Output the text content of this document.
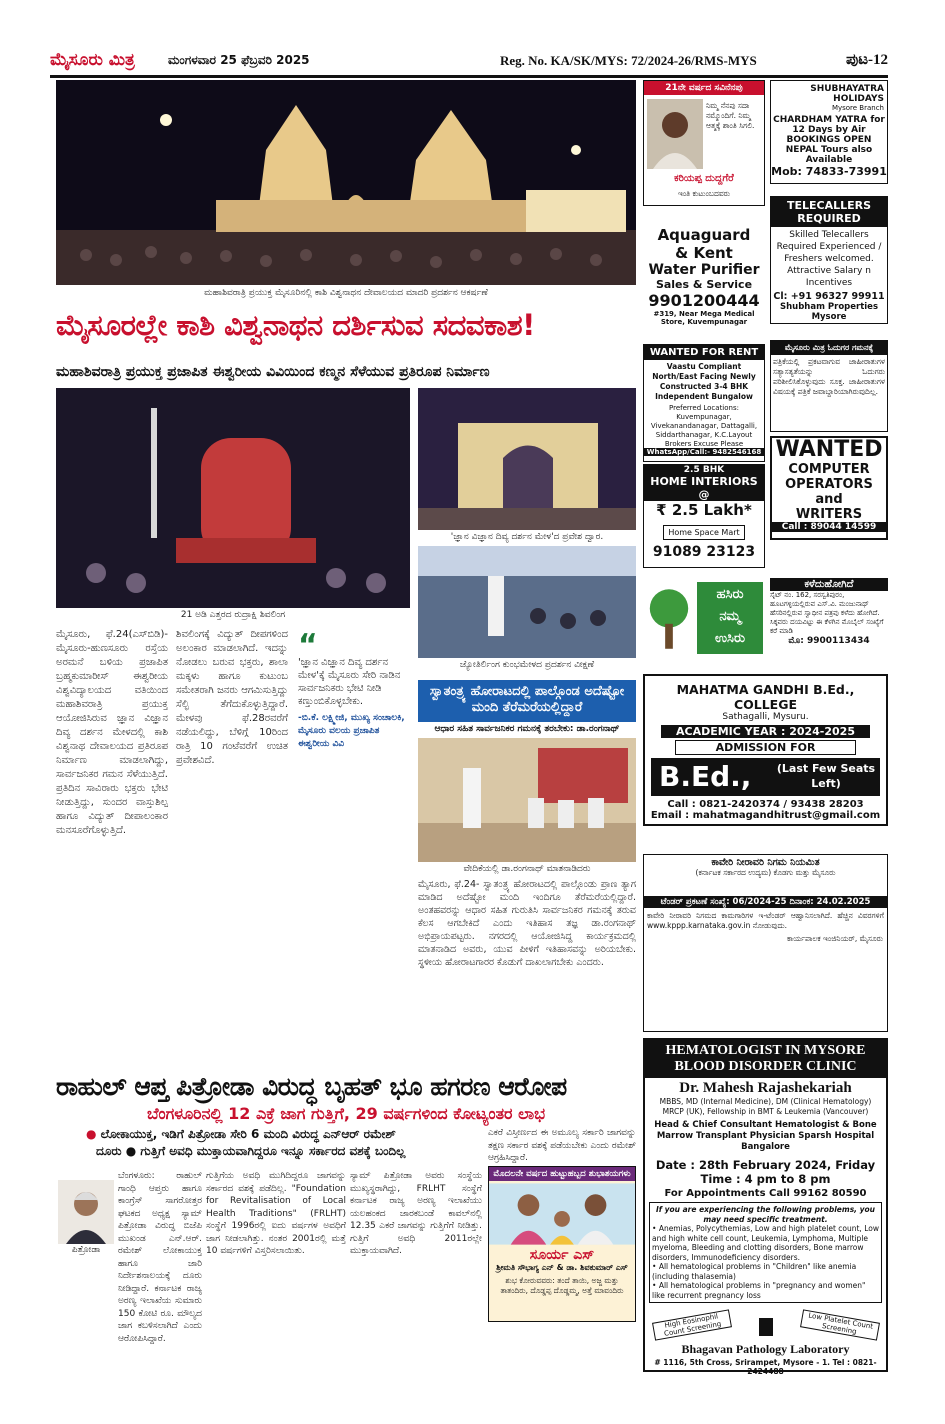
ಮೈಸೂರು ಮಿತ್ರ	ಮಂಗಳವಾರ 25 ಫೆಬ್ರವರಿ 2025	Reg. No. KA/SK/MYS: 72/2024-26/RMS-MYS	ಪುಟ-12
ಮಹಾಶಿವರಾತ್ರಿ ಪ್ರಯುಕ್ತ ಮೈಸೂರಿನಲ್ಲಿ ಕಾಶಿ ವಿಶ್ವನಾಥನ ದೇವಾಲಯದ ಮಾದರಿ ಪ್ರದರ್ಶನ ಆಕರ್ಷಣೆ
ಮೈಸೂರಲ್ಲೇ ಕಾಶಿ ವಿಶ್ವನಾಥನ ದರ್ಶಿಸುವ ಸದವಕಾಶ!
ಮಹಾಶಿವರಾತ್ರಿ ಪ್ರಯುಕ್ತ ಪ್ರಜಾಪಿತ ಈಶ್ವರೀಯ ವಿವಿಯಿಂದ ಕಣ್ಮನ ಸೆಳೆಯುವ ಪ್ರತಿರೂಪ ನಿರ್ಮಾಣ
21 ಅಡಿ ಎತ್ತರದ ರುದ್ರಾಕ್ಷಿ ಶಿವಲಿಂಗ
'ಜ್ಞಾನ ವಿಜ್ಞಾನ ದಿವ್ಯ ದರ್ಶನ ಮೇಳ'ದ ಪ್ರವೇಶ ದ್ವಾರ.
ಜ್ಯೋತಿರ್ಲಿಂಗ ಕುಂಭಮೇಳದ ಪ್ರದರ್ಶನ ವೀಕ್ಷಣೆ
ಮೈಸೂರು, ಫೆ.24(ಎಸ್‌ಬಿಡಿ)- ಮೈಸೂರು-ಹುಣಸೂರು ರಸ್ತೆಯ ಅರಮನೆ ಬಳಿಯ ಪ್ರಜಾಪಿತ ಬ್ರಹ್ಮಕುಮಾರೀಸ್ ಈಶ್ವರೀಯ ವಿಶ್ವವಿದ್ಯಾಲಯದ ವತಿಯಿಂದ ಮಹಾಶಿವರಾತ್ರಿ ಪ್ರಯುಕ್ತ ಆಯೋಜಿಸಿರುವ ಜ್ಞಾನ ವಿಜ್ಞಾನ ದಿವ್ಯ ದರ್ಶನ ಮೇಳದಲ್ಲಿ ಕಾಶಿ ವಿಶ್ವನಾಥ ದೇವಾಲಯದ ಪ್ರತಿರೂಪ ನಿರ್ಮಾಣ ಮಾಡಲಾಗಿದ್ದು, ಸಾರ್ವಜನಿಕರ ಗಮನ ಸೆಳೆಯುತ್ತಿದೆ. ಪ್ರತಿದಿನ ಸಾವಿರಾರು ಭಕ್ತರು ಭೇಟಿ ನೀಡುತ್ತಿದ್ದು, ಸುಂದರ ವಾಸ್ತುಶಿಲ್ಪ ಹಾಗೂ ವಿದ್ಯುತ್ ದೀಪಾಲಂಕಾರ ಮನಸೂರೆಗೊಳ್ಳುತ್ತಿದೆ.
ಶಿವಲಿಂಗಕ್ಕೆ ವಿದ್ಯುತ್ ದೀಪಗಳಿಂದ ಅಲಂಕಾರ ಮಾಡಲಾಗಿದೆ. ಇದನ್ನು ನೋಡಲು ಬರುವ ಭಕ್ತರು, ಶಾಲಾ ಮಕ್ಕಳು ಹಾಗೂ ಕುಟುಂಬ ಸಮೇತರಾಗಿ ಜನರು ಆಗಮಿಸುತ್ತಿದ್ದು ಸೆಲ್ಫಿ ತೆಗೆದುಕೊಳ್ಳುತ್ತಿದ್ದಾರೆ. ಮೇಳವು ಫೆ.28ರವರೆಗೆ ನಡೆಯಲಿದ್ದು, ಬೆಳಿಗ್ಗೆ 10ರಿಂದ ರಾತ್ರಿ 10 ಗಂಟೆವರೆಗೆ ಉಚಿತ ಪ್ರವೇಶವಿದೆ.
“
'ಜ್ಞಾನ ವಿಜ್ಞಾನ ದಿವ್ಯ ದರ್ಶನ ಮೇಳ'ಕ್ಕೆ ಮೈಸೂರು ಸೇರಿ ನಾಡಿನ ಸಾರ್ವಜನಿಕರು ಭೇಟಿ ನೀಡಿ ಕಣ್ತುಂಬಿಕೊಳ್ಳಬೇಕು.
-ಬಿ.ಕೆ. ಲಕ್ಷ್ಮೀಜಿ, ಮುಖ್ಯ ಸಂಚಾಲಕಿ, ಮೈಸೂರು ವಲಯ ಪ್ರಜಾಪಿತ ಈಶ್ವರೀಯ ವಿವಿ
ಸ್ವಾತಂತ್ರ್ಯ ಹೋರಾಟದಲ್ಲಿ ಪಾಲ್ಗೊಂಡ ಅದೆಷ್ಟೋ ಮಂದಿ ತೆರೆಮರೆಯಲ್ಲಿದ್ದಾರೆ
ಆಧಾರ ಸಹಿತ ಸಾರ್ವಜನಿಕರ ಗಮನಕ್ಕೆ ತರಬೇಕು: ಡಾ.ರಂಗನಾಥ್
ವೇದಿಕೆಯಲ್ಲಿ ಡಾ.ರಂಗನಾಥ್ ಮಾತನಾಡಿದರು
ಮೈಸೂರು, ಫೆ.24- ಸ್ವಾತಂತ್ರ್ಯ ಹೋರಾಟದಲ್ಲಿ ಪಾಲ್ಗೊಂಡು ಪ್ರಾಣ ತ್ಯಾಗ ಮಾಡಿದ ಅದೆಷ್ಟೋ ಮಂದಿ ಇಂದಿಗೂ ತೆರೆಮರೆಯಲ್ಲಿದ್ದಾರೆ. ಅಂತಹವರನ್ನು ಆಧಾರ ಸಹಿತ ಗುರುತಿಸಿ ಸಾರ್ವಜನಿಕರ ಗಮನಕ್ಕೆ ತರುವ ಕೆಲಸ ಆಗಬೇಕಿದೆ ಎಂದು ಇತಿಹಾಸ ತಜ್ಞ ಡಾ.ರಂಗನಾಥ್ ಅಭಿಪ್ರಾಯಪಟ್ಟರು. ನಗರದಲ್ಲಿ ಆಯೋಜಿಸಿದ್ದ ಕಾರ್ಯಕ್ರಮದಲ್ಲಿ ಮಾತನಾಡಿದ ಅವರು, ಯುವ ಪೀಳಿಗೆ ಇತಿಹಾಸವನ್ನು ಅರಿಯಬೇಕು. ಸ್ಥಳೀಯ ಹೋರಾಟಗಾರರ ಕೊಡುಗೆ ದಾಖಲಾಗಬೇಕು ಎಂದರು.
ರಾಹುಲ್ ಆಪ್ತ ಪಿತ್ರೋಡಾ ವಿರುದ್ಧ ಬೃಹತ್ ಭೂ ಹಗರಣ ಆರೋಪ
ಬೆಂಗಳೂರಿನಲ್ಲಿ 12 ಎಕ್ರೆ ಜಾಗ ಗುತ್ತಿಗೆ, 29 ವರ್ಷಗಳಿಂದ ಕೋಟ್ಯಂತರ ಲಾಭ
● ಲೋಕಾಯುಕ್ತ, ಇಡಿಗೆ ಪಿತ್ರೋಡಾ ಸೇರಿ 6 ಮಂದಿ ವಿರುದ್ಧ ಎನ್‌ಆರ್ ರಮೇಶ್
ದೂರು ● ಗುತ್ತಿಗೆ ಅವಧಿ ಮುಕ್ತಾಯವಾಗಿದ್ದರೂ ಇನ್ನೂ ಸರ್ಕಾರದ ವಶಕ್ಕೆ ಬಂದಿಲ್ಲ
ಪಿತ್ರೋಡಾ
ಬೆಂಗಳೂರು: ರಾಹುಲ್ ಗಾಂಧಿ ಆಪ್ತರು ಹಾಗೂ ಕಾಂಗ್ರೆಸ್ ಸಾಗರೋತ್ತರ ಘಟಕದ ಅಧ್ಯಕ್ಷ ಸ್ಯಾಮ್ ಪಿತ್ರೋಡಾ ವಿರುದ್ಧ ಬಿಜೆಪಿ ಮುಖಂಡ ಎನ್.ಆರ್. ರಮೇಶ್ ಲೋಕಾಯುಕ್ತ ಹಾಗೂ ಜಾರಿ ನಿರ್ದೇಶನಾಲಯಕ್ಕೆ ದೂರು ನೀಡಿದ್ದಾರೆ. ಕರ್ನಾಟಕ ರಾಜ್ಯ ಅರಣ್ಯ ಇಲಾಖೆಯ ಸುಮಾರು 150 ಕೋಟಿ ರೂ. ಮೌಲ್ಯದ ಜಾಗ ಕಬಳಿಸಲಾಗಿದೆ ಎಂದು ಆರೋಪಿಸಿದ್ದಾರೆ.
ಗುತ್ತಿಗೆಯ ಅವಧಿ ಮುಗಿದಿದ್ದರೂ ಜಾಗವನ್ನು ಸರ್ಕಾರದ ವಶಕ್ಕೆ ಪಡೆದಿಲ್ಲ. "Foundation for Revitalisation of Local Health Traditions" (FRLHT) ಸಂಸ್ಥೆಗೆ 1996ರಲ್ಲಿ ಐದು ವರ್ಷಗಳ ಅವಧಿಗೆ ಜಾಗ ನೀಡಲಾಗಿತ್ತು. ನಂತರ 2001ರಲ್ಲಿ ಮತ್ತೆ 10 ವರ್ಷಗಳಿಗೆ ವಿಸ್ತರಿಸಲಾಯಿತು.
ಸ್ಯಾಮ್ ಪಿತ್ರೋಡಾ ಅವರು ಸಂಸ್ಥೆಯ ಮುಖ್ಯಸ್ಥರಾಗಿದ್ದು, FRLHT ಸಂಸ್ಥೆಗೆ ಕರ್ನಾಟಕ ರಾಜ್ಯ ಅರಣ್ಯ ಇಲಾಖೆಯು ಯಲಹಂಕದ ಜಾರಕಬಂಡೆ ಕಾವಲ್‌ನಲ್ಲಿ 12.35 ಎಕರೆ ಜಾಗವನ್ನು ಗುತ್ತಿಗೆಗೆ ನೀಡಿತ್ತು. ಗುತ್ತಿಗೆ ಅವಧಿ 2011ರಲ್ಲೇ ಮುಕ್ತಾಯವಾಗಿದೆ.
ಎಕರೆ ವಿಸ್ತೀರ್ಣದ ಈ ಅಮೂಲ್ಯ ಸರ್ಕಾರಿ ಜಾಗವನ್ನು ತಕ್ಷಣ ಸರ್ಕಾರ ವಶಕ್ಕೆ ಪಡೆಯಬೇಕು ಎಂದು ರಮೇಶ್ ಆಗ್ರಹಿಸಿದ್ದಾರೆ.
ಮೊದಲನೇ ವರ್ಷದ ಹುಟ್ಟುಹಬ್ಬದ ಶುಭಾಶಯಗಳು
ಸೂರ್ಯ ಎಸ್
ಶ್ರೀಮತಿ ಸೌಭಾಗ್ಯ ಎನ್ & ಡಾ. ಶಿವಕುಮಾರ್ ಎಸ್
ಶುಭ ಕೋರುವವರು: ತಂದೆ ತಾಯಿ, ಅಜ್ಜ ಮತ್ತು ತಾತಂದಿರು, ದೊಡ್ಡಪ್ಪ ದೊಡ್ಡಮ್ಮ, ಅತ್ತೆ ಮಾವಂದಿರು
21ನೇ ವರ್ಷದ ಸವಿನೆನಪು
ನಿಮ್ಮ ನೆನಪು ಸದಾ ನಮ್ಮೊಂದಿಗೆ. ನಿಮ್ಮ ಆತ್ಮಕ್ಕೆ ಶಾಂತಿ ಸಿಗಲಿ.
ಕರಿಯಪ್ಪ ದುದ್ದಗೆರೆ
ಇಂತಿ ಕುಟುಂಬದವರು
SHUBHAYATRA HOLIDAYS
Mysore Branch
CHARDHAM YATRA for 12 Days by Air
BOOKINGS OPEN
NEPAL Tours also Available
Mob: 74833-73991
TELECALLERS REQUIRED
Skilled Telecallers Required Experienced / Freshers welcomed. Attractive Salary n Incentives
Cl: +91 96327 99911
Shubham Properties Mysore
Aquaguard
& Kent
Water Purifier
Sales & Service
9901200444
#319, Near Mega Medical Store, Kuvempunagar
WANTED FOR RENT
Vaastu Compliant North/East Facing Newly Constructed 3-4 BHK Independent Bungalow
Preferred Locations: Kuvempunagar, Vivekanandanagar, Dattagalli, Siddarthanagar, K.C.Layout
Brokers Excuse Please
WhatsApp/Call:- 9482546168
ಮೈಸೂರು ಮಿತ್ರ ಓದುಗರ ಗಮನಕ್ಕೆ
ಪತ್ರಿಕೆಯಲ್ಲಿ ಪ್ರಕಟವಾಗುವ ಜಾಹೀರಾತುಗಳ ಸತ್ಯಾಸತ್ಯತೆಯನ್ನು ಓದುಗರು ಪರಿಶೀಲಿಸಿಕೊಳ್ಳುವುದು ಸೂಕ್ತ. ಜಾಹೀರಾತುಗಳ ವಿಷಯಕ್ಕೆ ಪತ್ರಿಕೆ ಜವಾಬ್ದಾರಿಯಾಗಿರುವುದಿಲ್ಲ.
2.5 BHK
HOME INTERIORS @
₹ 2.5 Lakh*
Home Space Mart
91089 23123
WANTED
COMPUTER
OPERATORS
and
WRITERS
Call : 89044 14599
ಹಸಿರು
ನಮ್ಮ
ಉಸಿರು
ಕಳೆದುಹೋಗಿದೆ
ಸೈಟ್ ನಂ. 162, ಸರಸ್ವತಿಪುರಂ, ಹೂಟಗಳ್ಳಿಯಲ್ಲಿರುವ ಎಸ್.ವಿ. ಮಂಜುನಾಥ್ ಹೆಸರಿನಲ್ಲಿರುವ ಸ್ವಾಧೀನ ಪತ್ರವು ಕಳೆದು ಹೋಗಿದೆ. ಸಿಕ್ಕವರು ದಯವಿಟ್ಟು ಈ ಕೆಳಗಿನ ಮೊಬೈಲ್ ಸಂಖ್ಯೆಗೆ ಕರೆ ಮಾಡಿ
ಮೊ: 9900113434
MAHATMA GANDHI B.Ed., COLLEGE
Sathagalli, Mysuru.
ACADEMIC YEAR : 2024-2025
ADMISSION FOR
B.Ed.,	(Last Few Seats Left)
Call : 0821-2420374 / 93438 28203
Email : mahatmagandhitrust@gmail.com
ಕಾವೇರಿ ನೀರಾವರಿ ನಿಗಮ ನಿಯಮಿತ
(ಕರ್ನಾಟಕ ಸರ್ಕಾರದ ಉದ್ಯಮ) ಕೊಡಗು ಮತ್ತು ಮೈಸೂರು
ಟೆಂಡರ್ ಪ್ರಕಟಣೆ ಸಂಖ್ಯೆ: 06/2024-25 ದಿನಾಂಕ: 24.02.2025
ಕಾವೇರಿ ನೀರಾವರಿ ನಿಗಮದ ಕಾಮಗಾರಿಗಳ ಇ-ಟೆಂಡರ್ ಆಹ್ವಾನಿಸಲಾಗಿದೆ. ಹೆಚ್ಚಿನ ವಿವರಗಳಿಗೆ www.kppp.karnataka.gov.in ನೋಡುವುದು.
ಕಾರ್ಯಪಾಲಕ ಇಂಜಿನಿಯರ್, ಮೈಸೂರು
HEMATOLOGIST IN MYSORE
BLOOD DISORDER CLINIC
Dr. Mahesh Rajashekariah
MBBS, MD (Internal Medicine), DM (Clinical Hematology) MRCP (UK), Fellowship in BMT & Leukemia (Vancouver)
Head & Chief Consultant Hematologist & Bone Marrow Transplant Physician Sparsh Hospital Bangalore
Date : 28th February 2024, Friday
Time : 4 pm to 8 pm
For Appointments Call 99162 80590
If you are experiencing the following problems, you may need specific treatment.
• Anemias, Polycythemias, Low and high platelet count, Low and high white cell count, Leukemia, Lymphoma, Multiple myeloma, Bleeding and clotting disorders, Bone marrow disorders, Immunodeficiency disorders.
• All hematological problems in "Children" like anemia (including thalasemia)
• All hematological problems in "pregnancy and women" like recurrent pregnancy loss
High Eosinophil Count Screening	Low Platelet Count Screening
Bhagavan Pathology Laboratory
# 1116, 5th Cross, Srirampet, Mysore - 1. Tel : 0821-2424488
